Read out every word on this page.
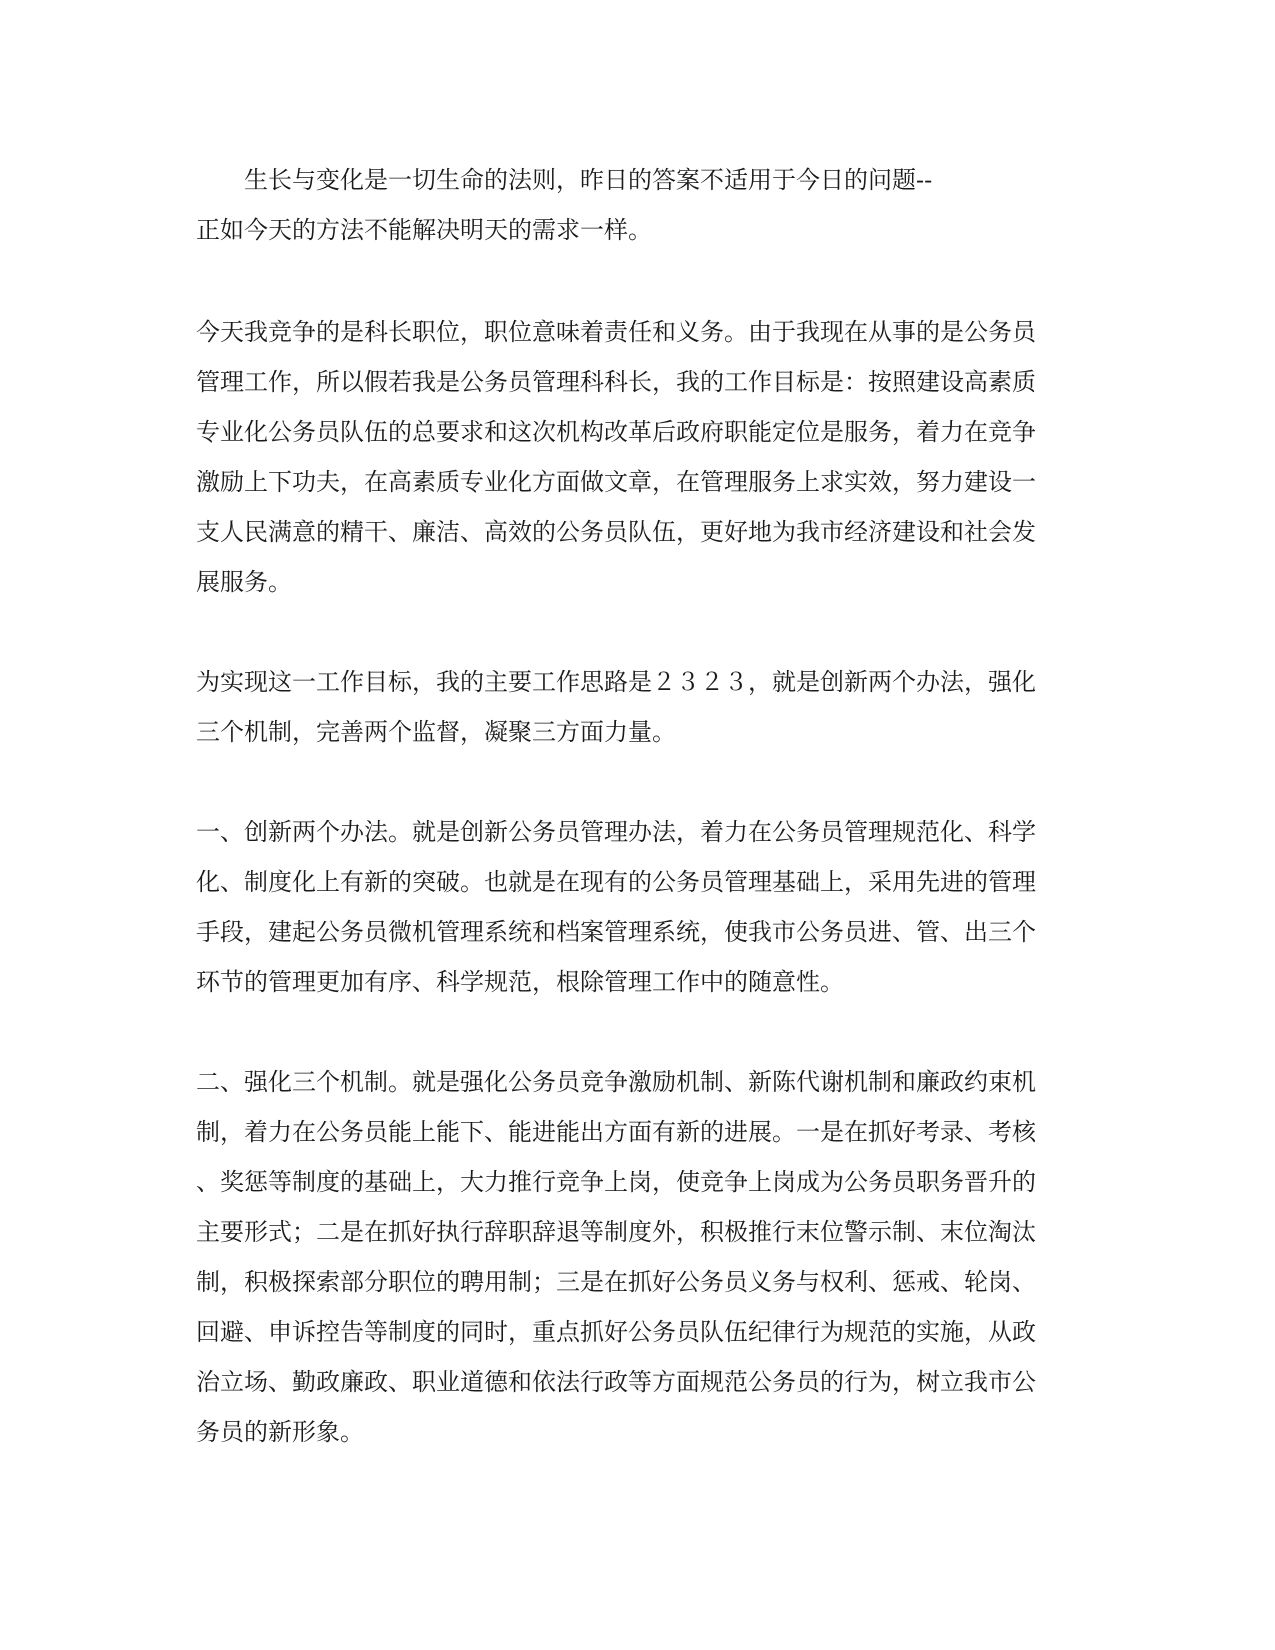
生长与变化是一切生命的法则，昨日的答案不适用于今日的问题--
正如今天的方法不能解决明天的需求一样。

今天我竞争的是科长职位，职位意味着责任和义务。由于我现在从事的是公务员
管理工作，所以假若我是公务员管理科科长，我的工作目标是：按照建设高素质
专业化公务员队伍的总要求和这次机构改革后政府职能定位是服务，着力在竞争
激励上下功夫，在高素质专业化方面做文章，在管理服务上求实效，努力建设一
支人民满意的精干、廉洁、高效的公务员队伍，更好地为我市经济建设和社会发
展服务。

为实现这一工作目标，我的主要工作思路是２３２３，就是创新两个办法，强化
三个机制，完善两个监督，凝聚三方面力量。

一、创新两个办法。就是创新公务员管理办法，着力在公务员管理规范化、科学
化、制度化上有新的突破。也就是在现有的公务员管理基础上，采用先进的管理
手段，建起公务员微机管理系统和档案管理系统，使我市公务员进、管、出三个
环节的管理更加有序、科学规范，根除管理工作中的随意性。

二、强化三个机制。就是强化公务员竞争激励机制、新陈代谢机制和廉政约束机
制，着力在公务员能上能下、能进能出方面有新的进展。一是在抓好考录、考核
、奖惩等制度的基础上，大力推行竞争上岗，使竞争上岗成为公务员职务晋升的
主要形式；二是在抓好执行辞职辞退等制度外，积极推行末位警示制、末位淘汰
制，积极探索部分职位的聘用制；三是在抓好公务员义务与权利、惩戒、轮岗、
回避、申诉控告等制度的同时，重点抓好公务员队伍纪律行为规范的实施，从政
治立场、勤政廉政、职业道德和依法行政等方面规范公务员的行为，树立我市公
务员的新形象。
